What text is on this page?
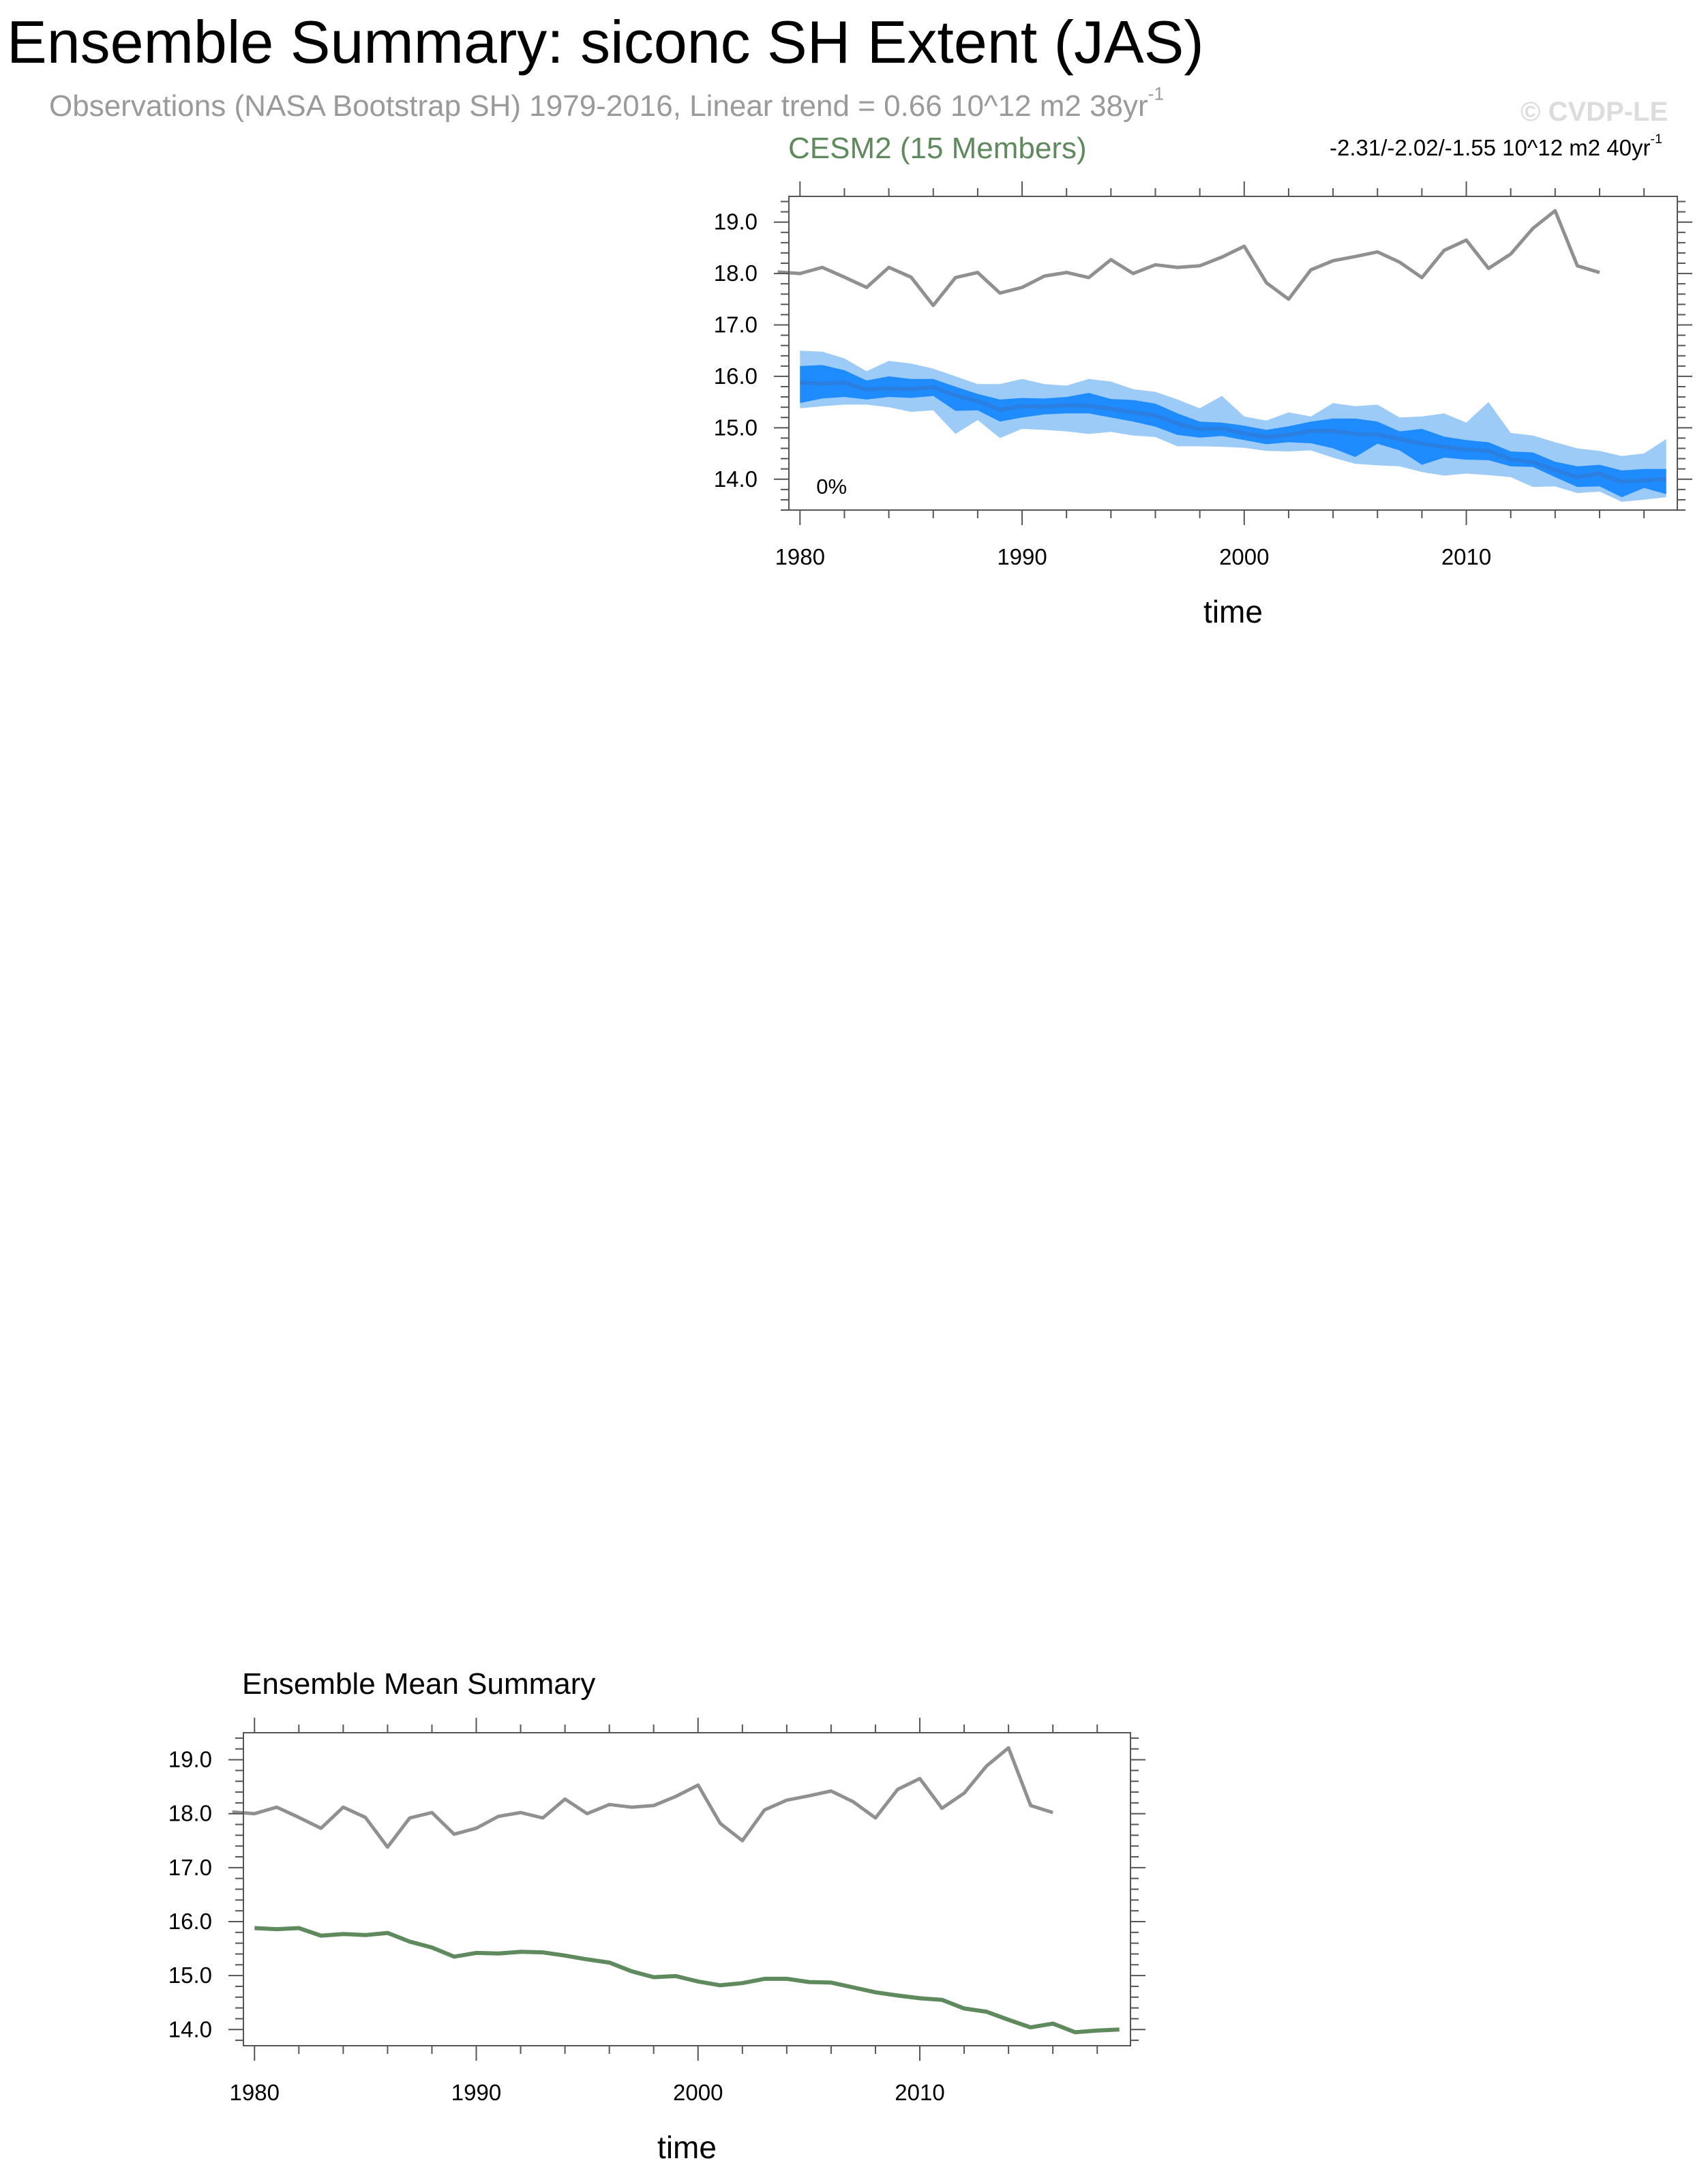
Ensemble Summary: siconc SH Extent (JAS)
Observations (NASA Bootstrap SH) 1979-2016, Linear trend = 0.66 10^12 m2 $38yr^{-1}$
© CVDP-LE
CESM2 (15 Members)	-2.31/-2.02/-1.55 10^12 m2 $40yr^{-1}$
Ensemble Mean Summary
1980	1990	2000	2010
14.0
15.0
16.0
17.0
18.0
19.0
time
0%
1980	1990	2000	2010
14.0
15.0
16.0
17.0
18.0
19.0
time
